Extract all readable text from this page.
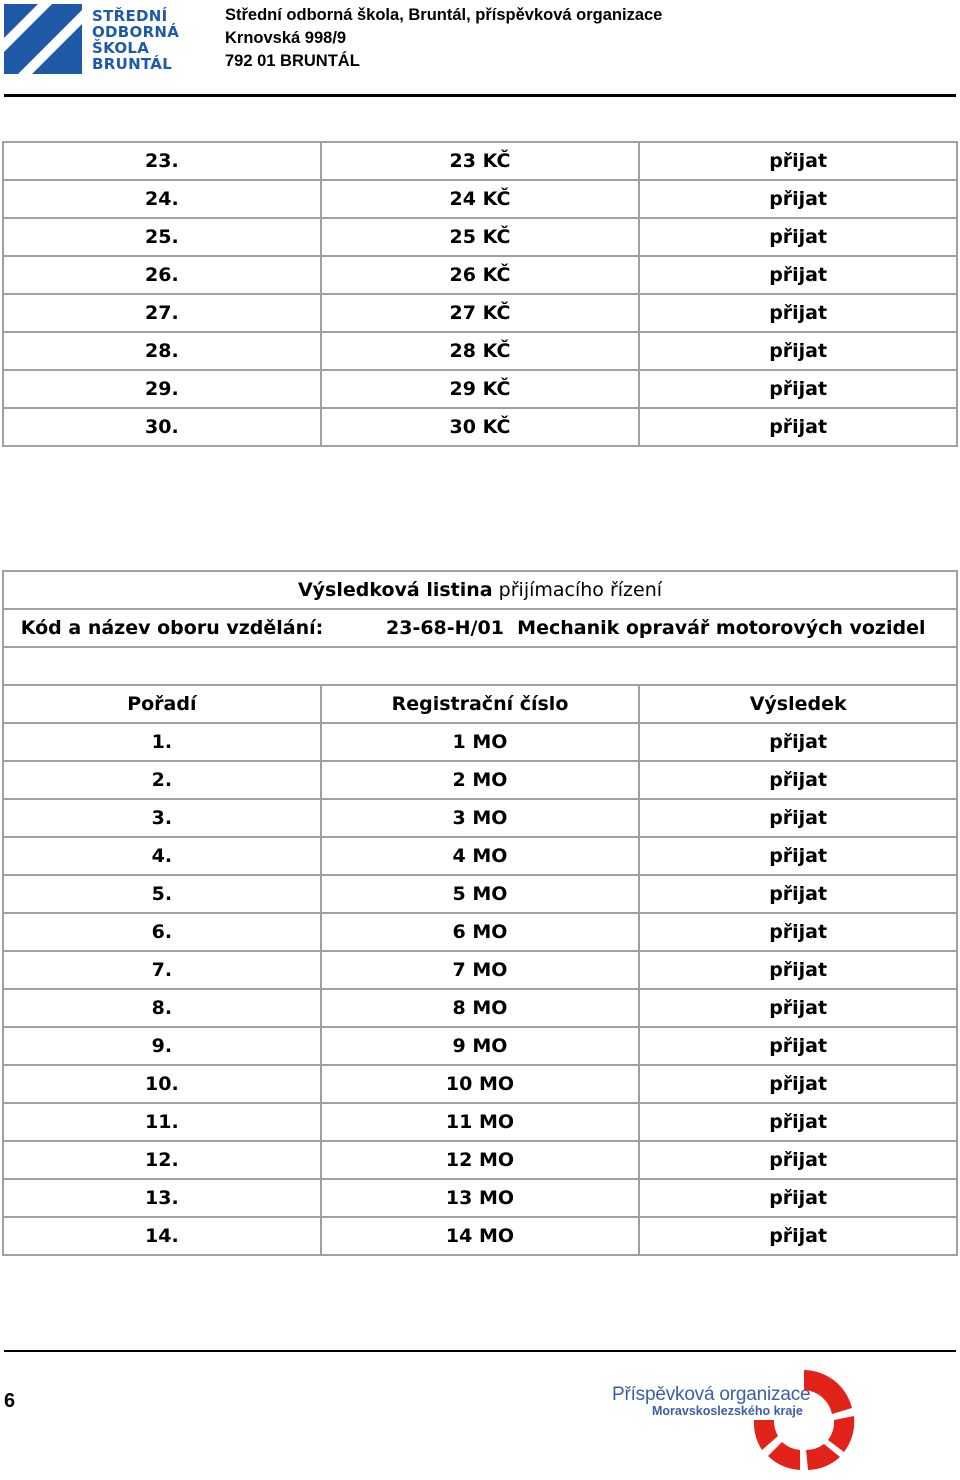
STŘEDNÍ
ODBORNÁ
ŠKOLA
BRUNTÁL
Střední odborná škola, Bruntál, příspěvková organizace
Krnovská 998/9
792 01 BRUNTÁL
23.	23 KČ	přijat
24.	24 KČ	přijat
25.	25 KČ	přijat
26.	26 KČ	přijat
27.	27 KČ	přijat
28.	28 KČ	přijat
29.	29 KČ	přijat
30.	30 KČ	přijat
Výsledková listina přijímacího řízení		

Kód a název oboru vzdělání: 23-68-H/01 Mechanik opravář motorových vozidel		

Pořadí	Registrační číslo	Výsledek
1.	1 MO	přijat
2.	2 MO	přijat
3.	3 MO	přijat
4.	4 MO	přijat
5.	5 MO	přijat
6.	6 MO	přijat
7.	7 MO	přijat
8.	8 MO	přijat
9.	9 MO	přijat
10.	10 MO	přijat
11.	11 MO	přijat
12.	12 MO	přijat
13.	13 MO	přijat
14.	14 MO	přijat
6	Příspěvková organizace
Moravskoslezského kraje
